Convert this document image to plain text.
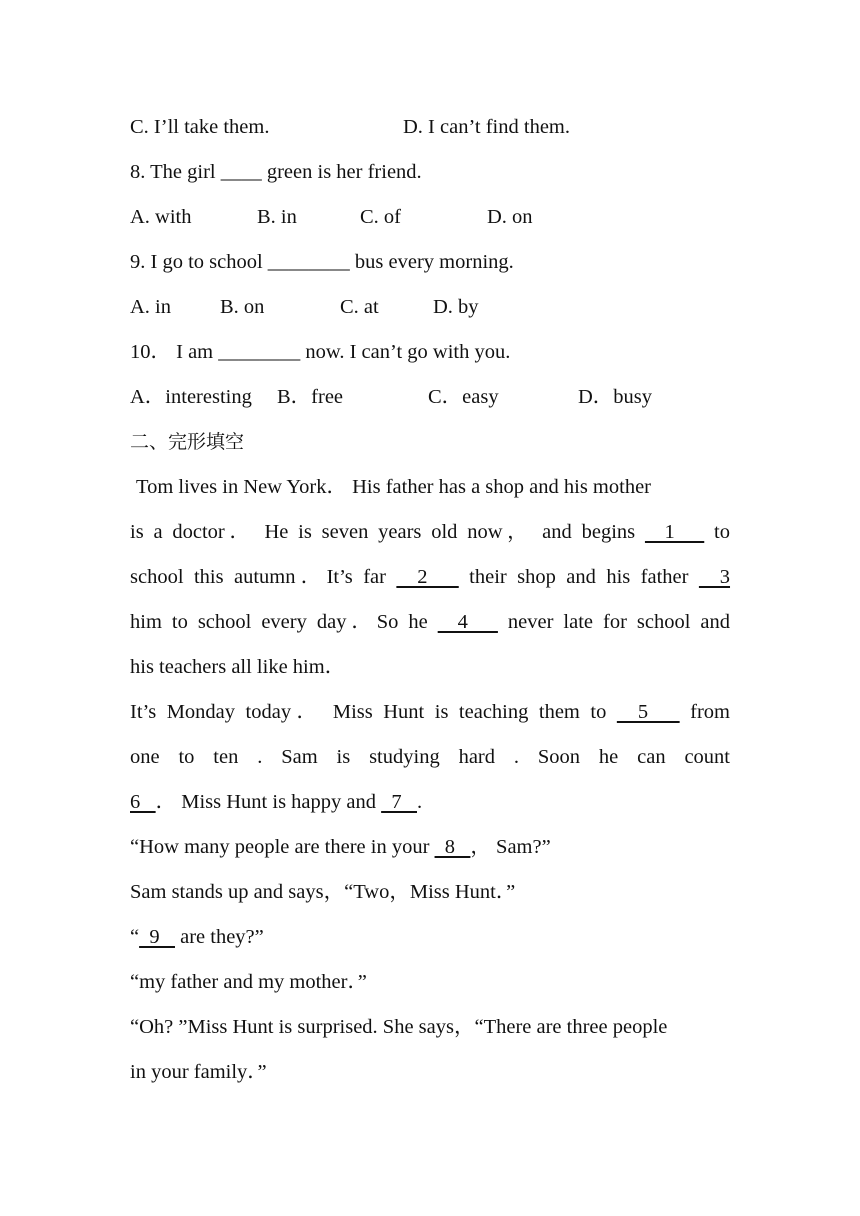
C. I’ll take them.	D. I can’t find them.
8. The girl ____ green is her friend.
A. with	B. in	C. of	D. on
9. I go to school ________ bus every morning.
A. in B. on	C. at	D. by
10． I am ________ now. I can’t go with you.
A．interesting B．free	C．easy	D．busy
二、完形填空
Tom lives in New York． His father has a shop and his mother
is a doctor． He is seven years old now， and begins   1    to
school this autumn．It’s far   2    their shop and his father   3
him to school every day．So he   4    never late for school and
his teachers all like him．
It’s Monday today． Miss Hunt is teaching them to   5    from
one to ten . Sam is studying hard . Soon he can count
6   ． Miss Hunt is happy and   7   .
“How many people are there in your   8   ， Sam?”
Sam stands up and says，“Two，Miss Hunt．”
“  9    are they?”
“my father and my mother．”
“Oh? ”Miss Hunt is surprised. She says，“There are three people
in your family．”
